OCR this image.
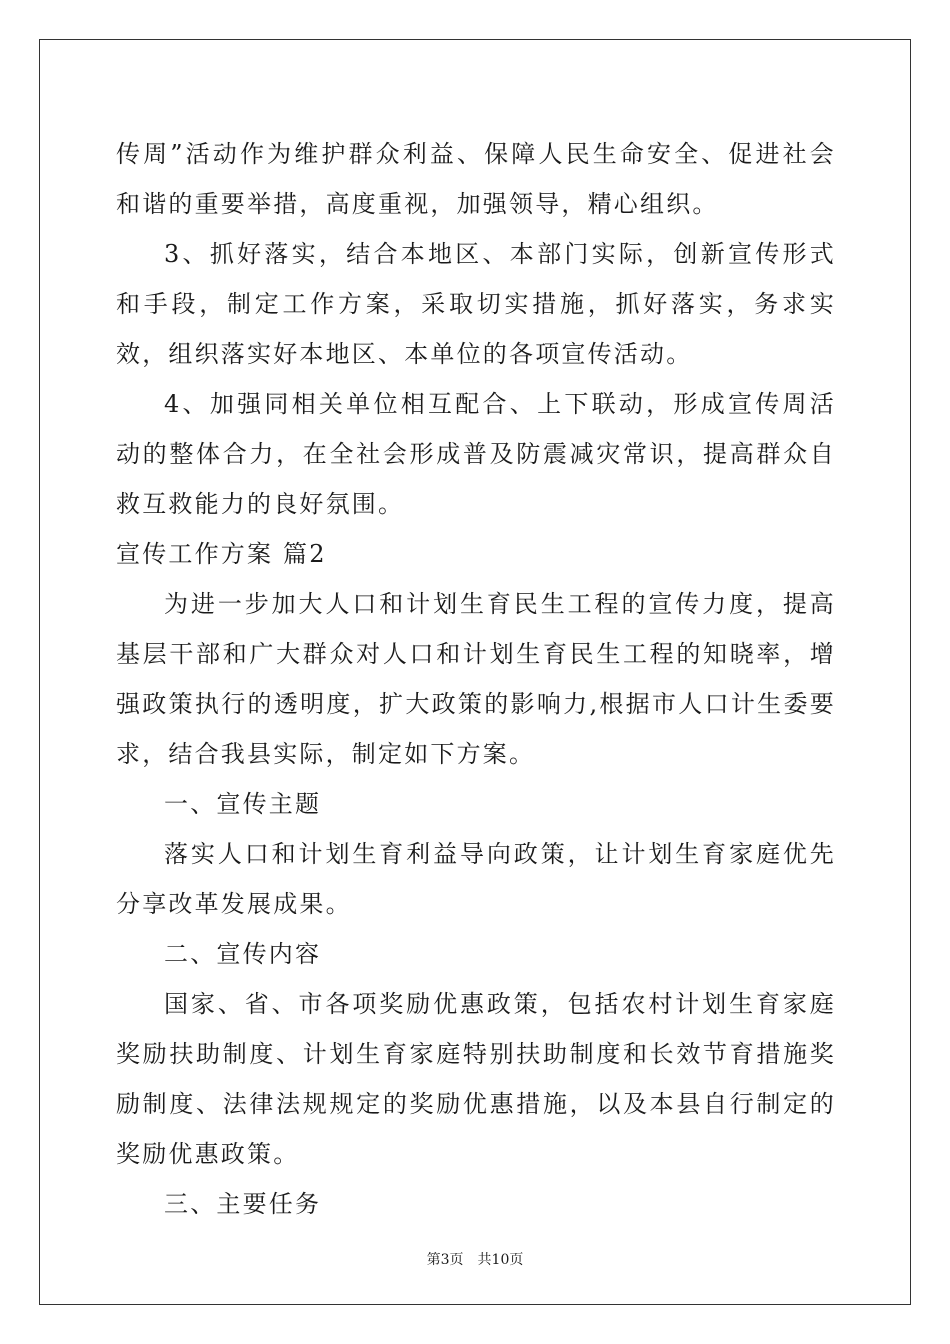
传周”活动作为维护群众利益、保障人民生命安全、促进社会和谐的重要举措，高度重视，加强领导，精心组织。

3、抓好落实，结合本地区、本部门实际，创新宣传形式和手段，制定工作方案，采取切实措施，抓好落实，务求实效，组织落实好本地区、本单位的各项宣传活动。

4、加强同相关单位相互配合、上下联动，形成宣传周活动的整体合力，在全社会形成普及防震减灾常识，提高群众自救互救能力的良好氛围。

宣传工作方案 篇2

为进一步加大人口和计划生育民生工程的宣传力度，提高基层干部和广大群众对人口和计划生育民生工程的知晓率，增强政策执行的透明度，扩大政策的影响力,根据市人口计生委要求，结合我县实际，制定如下方案。

一、宣传主题

落实人口和计划生育利益导向政策，让计划生育家庭优先分享改革发展成果。

二、宣传内容

国家、省、市各项奖励优惠政策，包括农村计划生育家庭奖励扶助制度、计划生育家庭特别扶助制度和长效节育措施奖励制度、法律法规规定的奖励优惠措施，以及本县自行制定的奖励优惠政策。

三、主要任务

第3页　共10页
